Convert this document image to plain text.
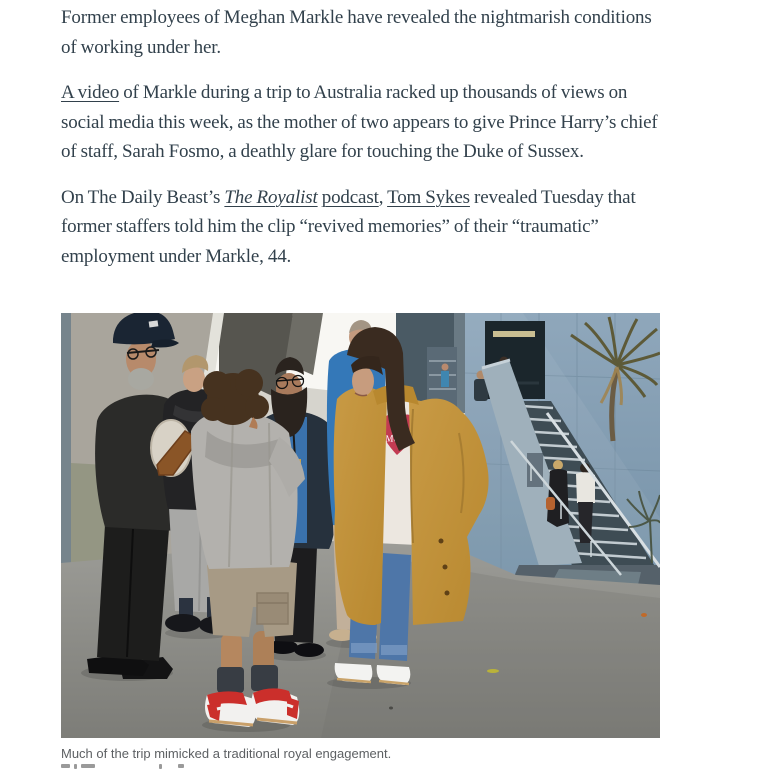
Former employees of Meghan Markle have revealed the nightmarish conditions of working under her.

A video of Markle during a trip to Australia racked up thousands of views on social media this week, as the mother of two appears to give Prince Harry’s chief of staff, Sarah Fosmo, a deathly glare for touching the Duke of Sussex.

On The Daily Beast’s The Royalist podcast, Tom Sykes revealed Tuesday that former staffers told him the clip “revived memories” of their “traumatic” employment under Markle, 44.

Much of the trip mimicked a traditional royal engagement.
